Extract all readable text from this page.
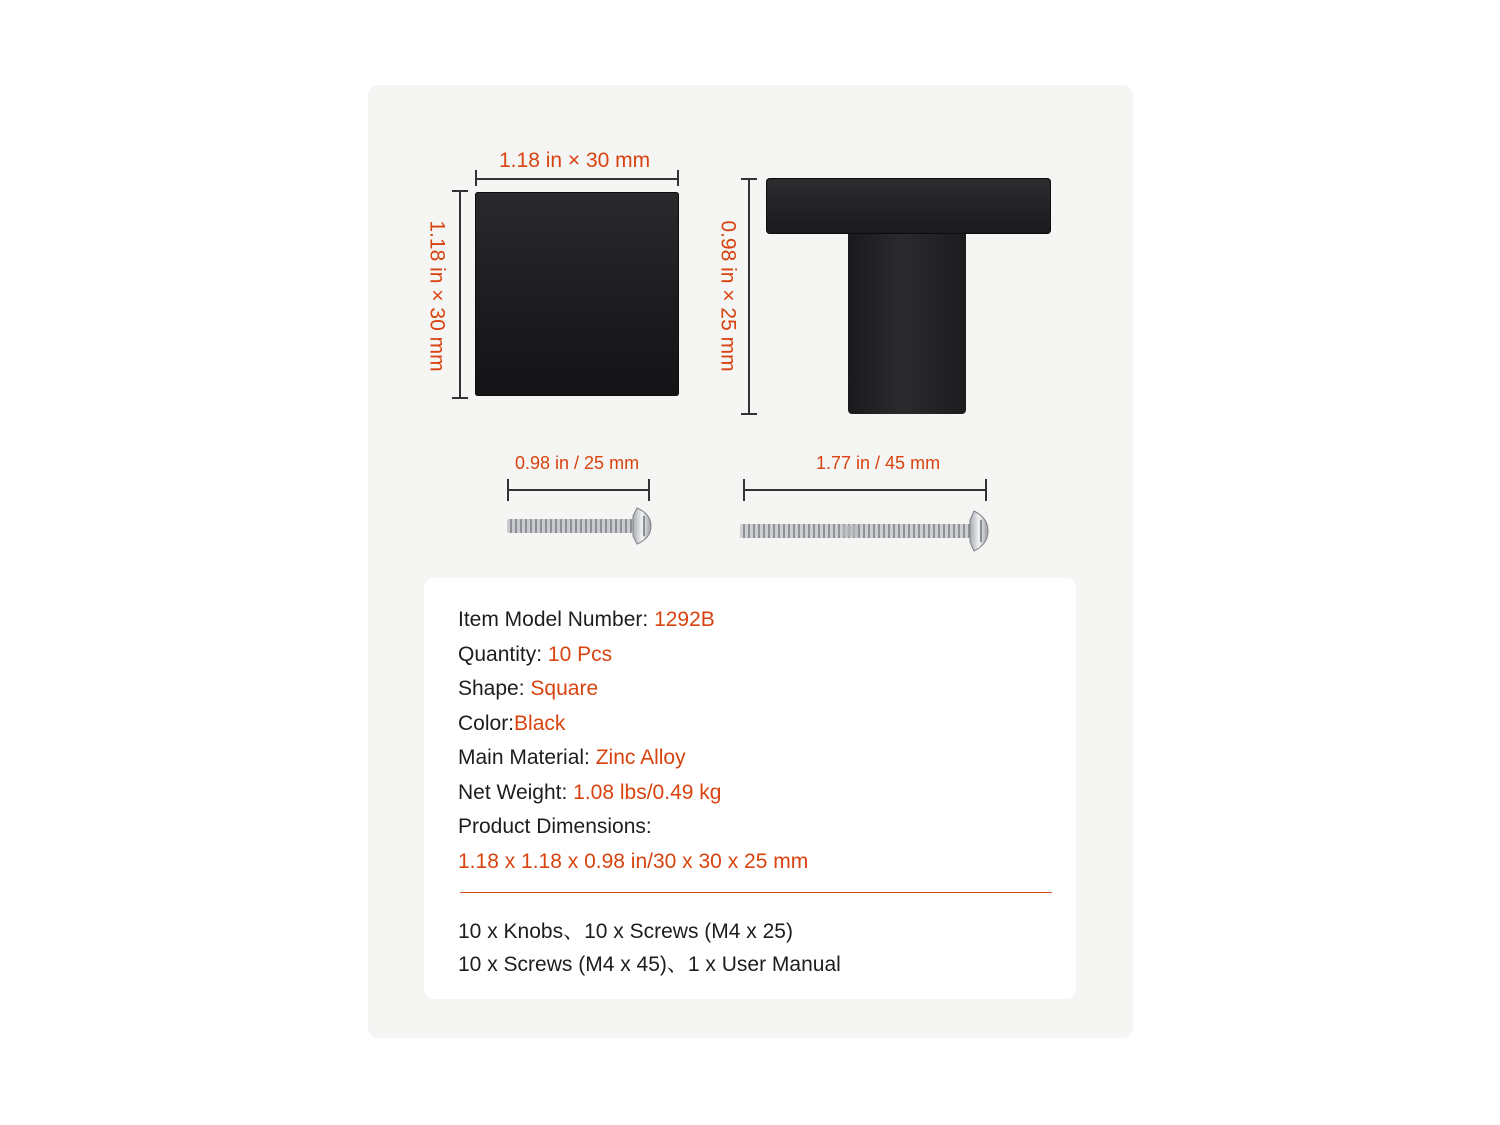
1.18 in × 30 mm
1.18 in × 30 mm	0.98 in × 25 mm
0.98 in / 25 mm	1.77 in / 45 mm
Item Model Number: 1292B
Quantity: 10 Pcs
Shape: Square
Color:Black
Main Material: Zinc Alloy
Net Weight: 1.08 lbs/0.49 kg
Product Dimensions:
1.18 x 1.18 x 0.98 in/30 x 30 x 25 mm
10 x Knobs、10 x Screws (M4 x 25)
10 x Screws (M4 x 45)、1 x User Manual
